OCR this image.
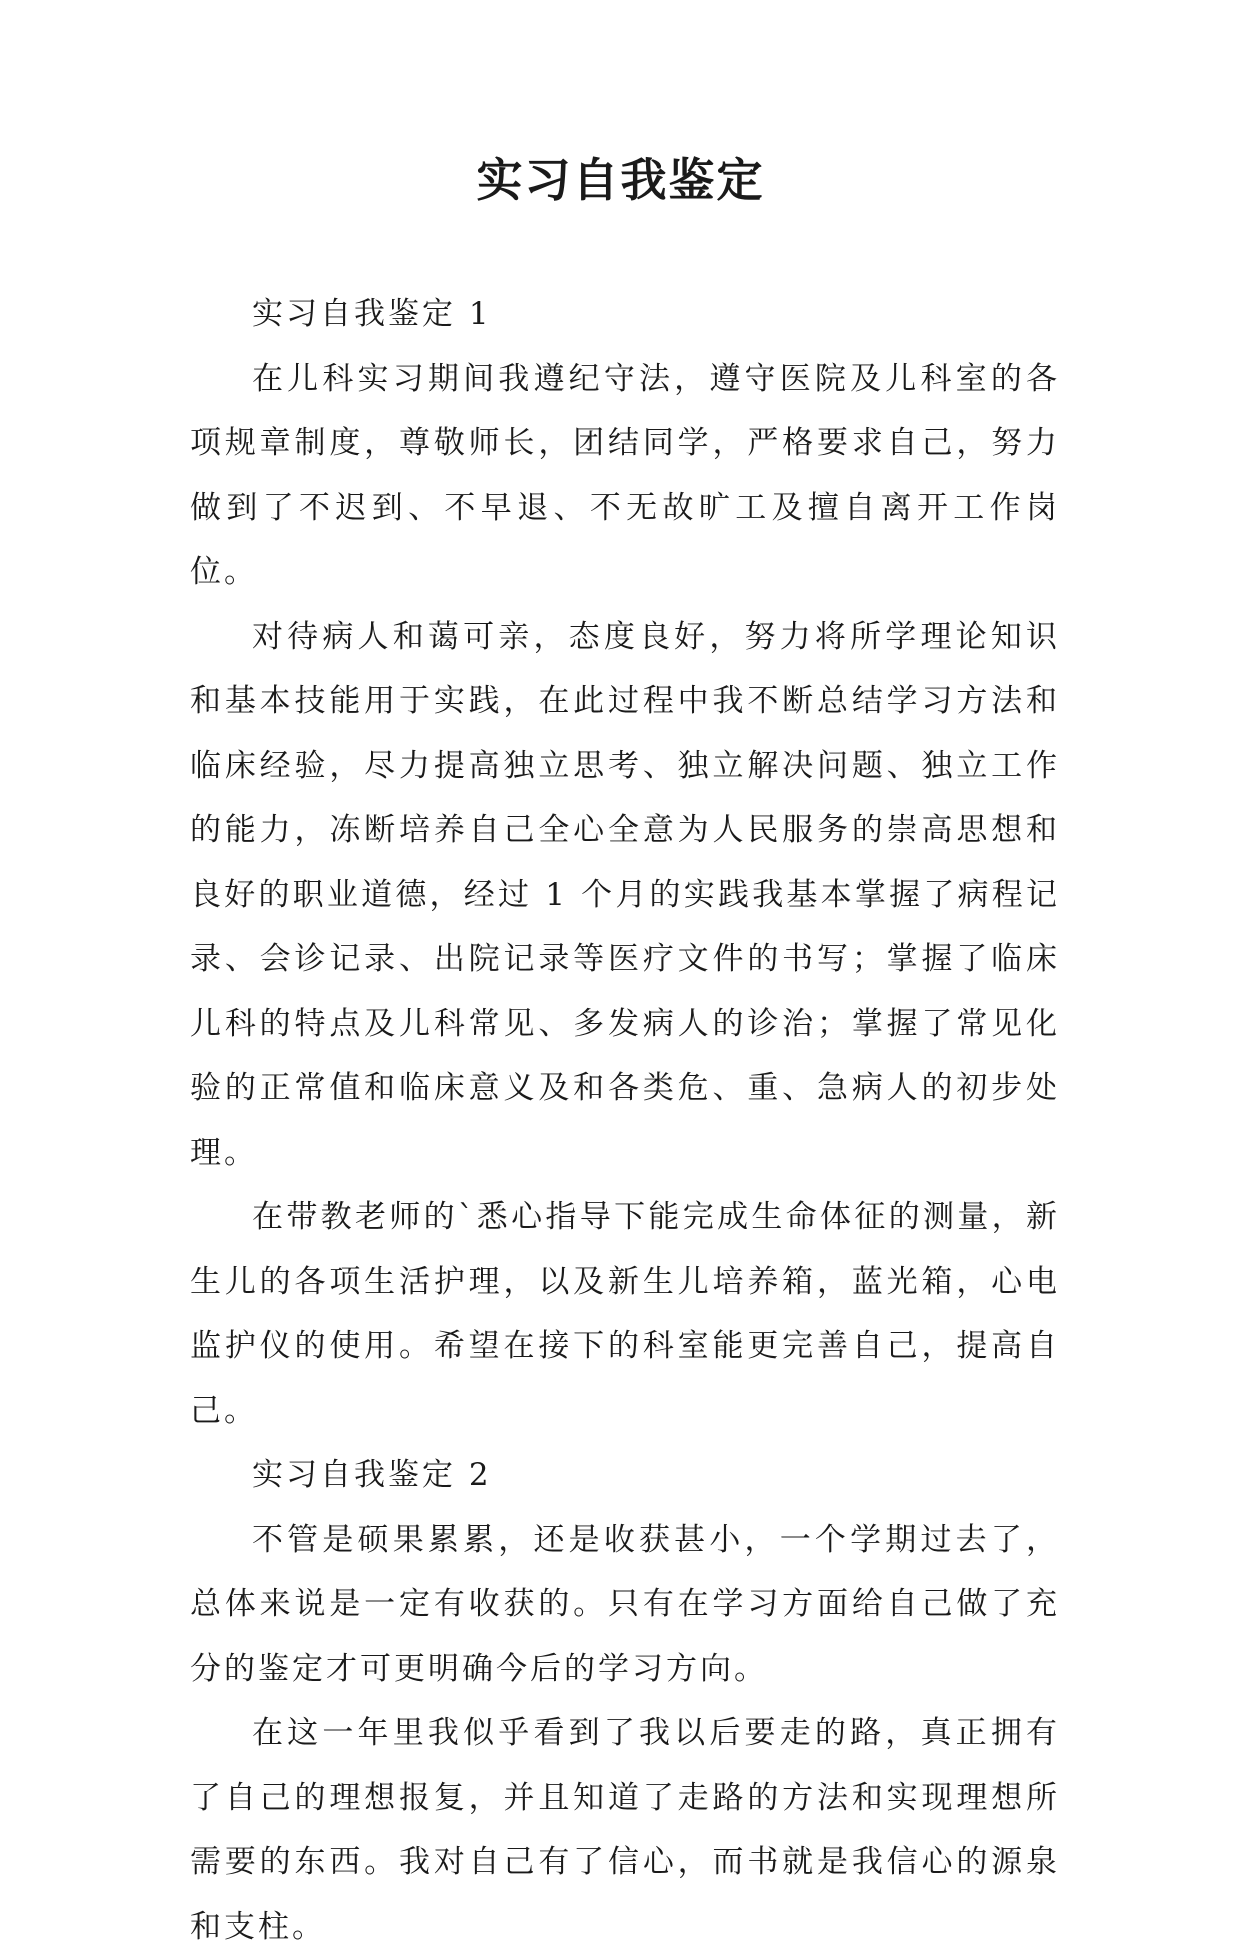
实习自我鉴定

实习自我鉴定 1

在儿科实习期间我遵纪守法，遵守医院及儿科室的各项规章制度，尊敬师长，团结同学，严格要求自己，努力做到了不迟到、不早退、不无故旷工及擅自离开工作岗位。

对待病人和蔼可亲，态度良好，努力将所学理论知识和基本技能用于实践，在此过程中我不断总结学习方法和临床经验，尽力提高独立思考、独立解决问题、独立工作的能力，冻断培养自己全心全意为人民服务的崇高思想和良好的职业道德，经过 1 个月的实践我基本掌握了病程记录、会诊记录、出院记录等医疗文件的书写；掌握了临床儿科的特点及儿科常见、多发病人的诊治；掌握了常见化验的正常值和临床意义及和各类危、重、急病人的初步处理。

在带教老师的`悉心指导下能完成生命体征的测量，新生儿的各项生活护理，以及新生儿培养箱，蓝光箱，心电监护仪的使用。希望在接下的科室能更完善自己，提高自己。

实习自我鉴定 2

不管是硕果累累，还是收获甚小，一个学期过去了，总体来说是一定有收获的。只有在学习方面给自己做了充分的鉴定才可更明确今后的学习方向。

在这一年里我似乎看到了我以后要走的路，真正拥有了自己的理想报复，并且知道了走路的方法和实现理想所需要的东西。我对自己有了信心，而书就是我信心的源泉和支柱。
